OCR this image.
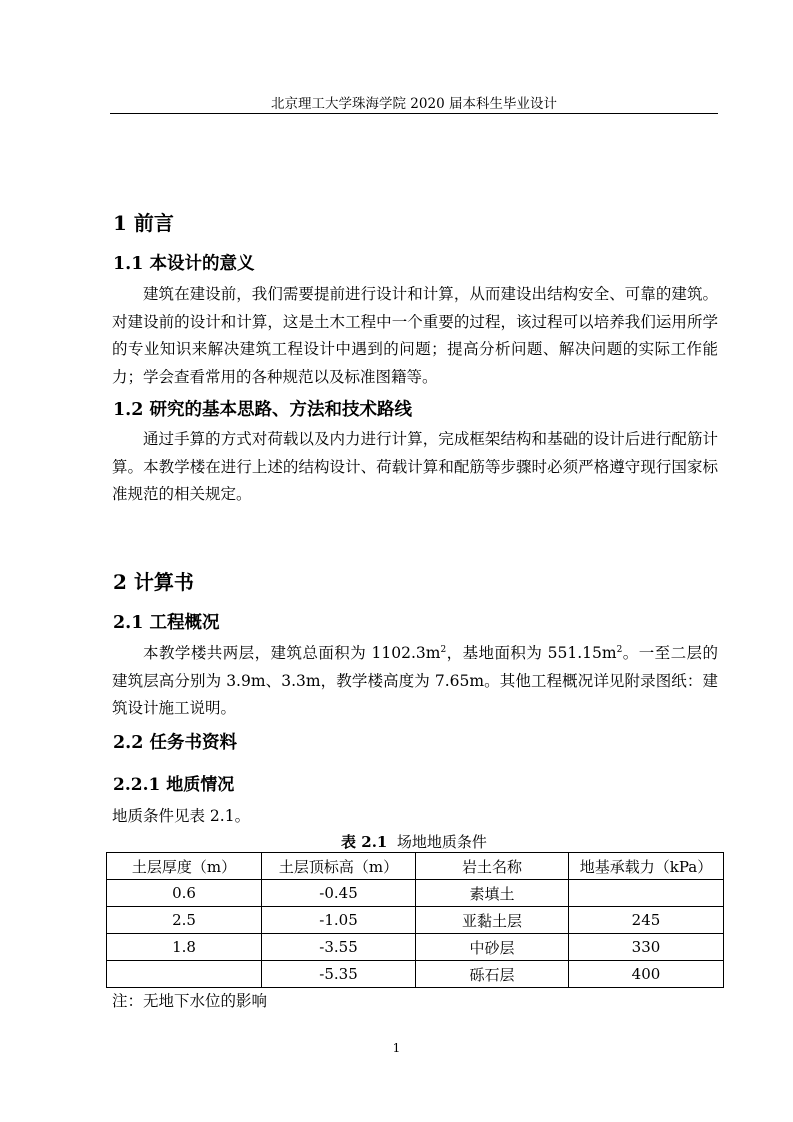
北京理工大学珠海学院 2020 届本科生毕业设计
1 前言
1.1 本设计的意义
建筑在建设前，我们需要提前进行设计和计算，从而建设出结构安全、可靠的建筑。对建设前的设计和计算，这是土木工程中一个重要的过程，该过程可以培养我们运用所学的专业知识来解决建筑工程设计中遇到的问题；提高分析问题、解决问题的实际工作能力；学会查看常用的各种规范以及标准图籍等。
1.2 研究的基本思路、方法和技术路线
通过手算的方式对荷载以及内力进行计算，完成框架结构和基础的设计后进行配筋计算。本教学楼在进行上述的结构设计、荷载计算和配筋等步骤时必须严格遵守现行国家标准规范的相关规定。
2 计算书
2.1 工程概况
本教学楼共两层，建筑总面积为 $1102.3m^2$，基地面积为 $551.15m^2$。一至二层的建筑层高分别为 3.9m、3.3m，教学楼高度为 7.65m。其他工程概况详见附录图纸：建筑设计施工说明。
2.2 任务书资料
2.2.1 地质情况
地质条件见表 2.1。
表 2.1 场地地质条件
土层厚度（m）	土层顶标高（m）	岩土名称	地基承载力（kPa）
0.6	-0.45	素填土	
2.5	-1.05	亚黏土层	245
1.8	-3.55	中砂层	330
	-5.35	砾石层	400
注：无地下水位的影响
1
